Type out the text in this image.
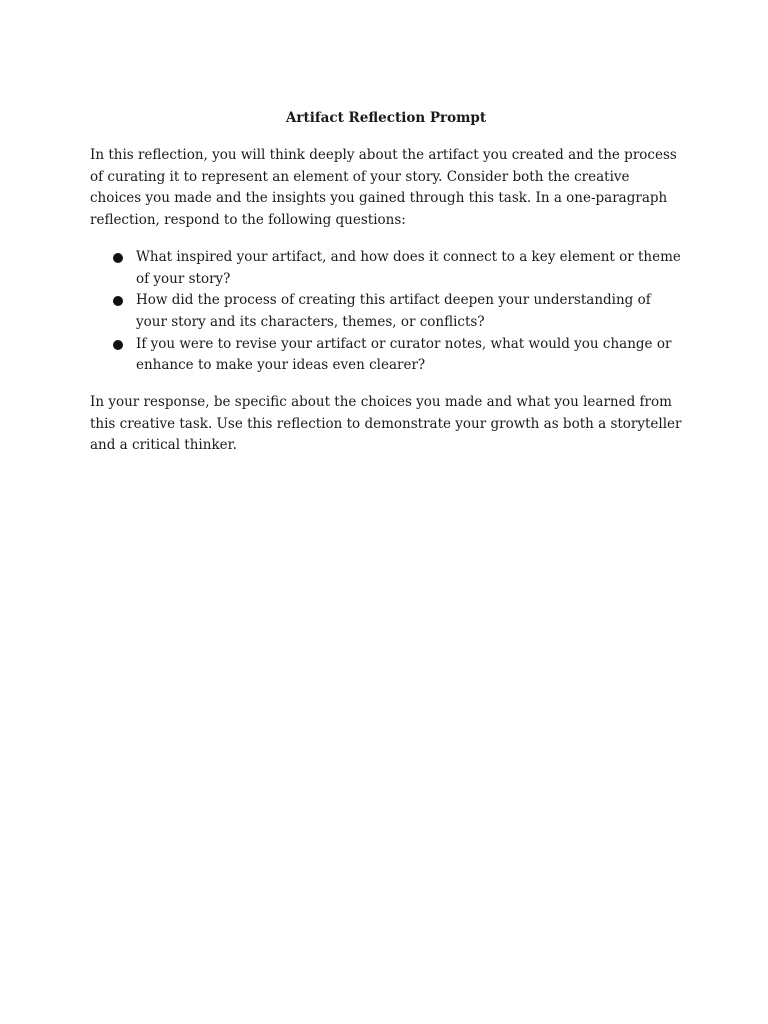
Artifact Reflection Prompt

In this reflection, you will think deeply about the artifact you created and the process of curating it to represent an element of your story. Consider both the creative choices you made and the insights you gained through this task. In a one-paragraph reflection, respond to the following questions:

What inspired your artifact, and how does it connect to a key element or theme of your story?
How did the process of creating this artifact deepen your understanding of your story and its characters, themes, or conflicts?
If you were to revise your artifact or curator notes, what would you change or enhance to make your ideas even clearer?

In your response, be specific about the choices you made and what you learned from this creative task. Use this reflection to demonstrate your growth as both a storyteller and a critical thinker.
